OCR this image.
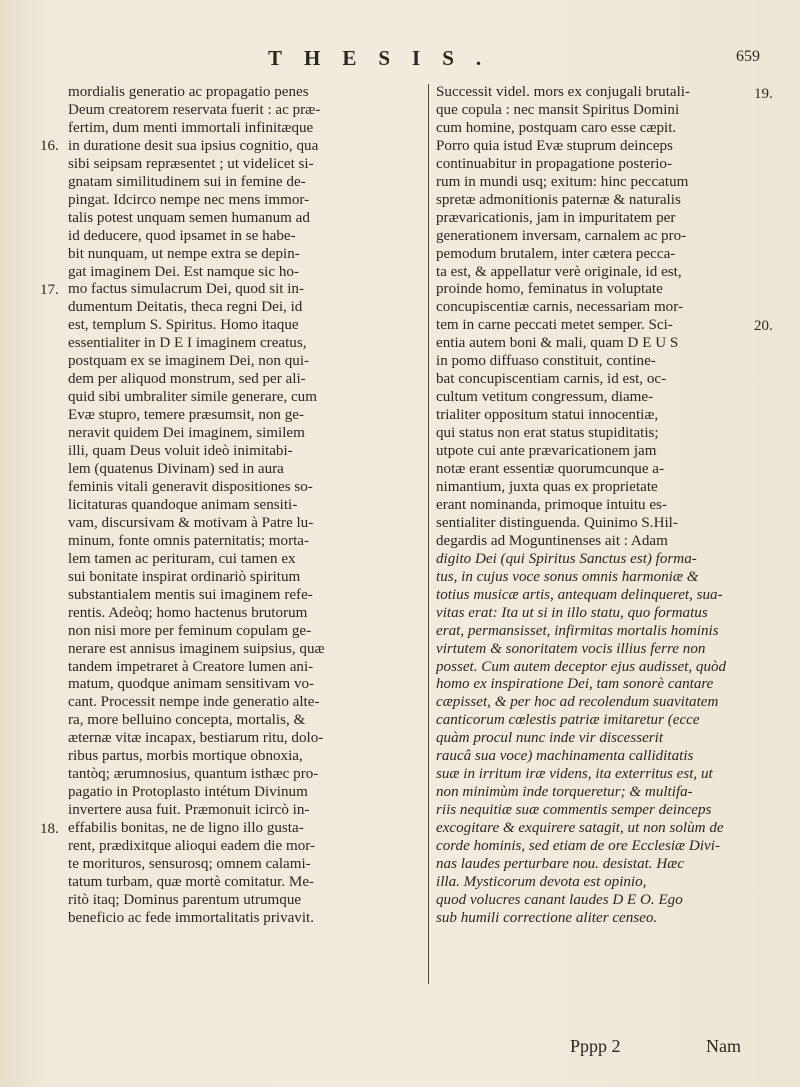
THESIS.	659
16.
17.
18.
19.
20.
mordialis generatio ac propagatio penes
Deum creatorem reservata fuerit : ac præ-
fertim, dum menti immortali infinitæque
in duratione desit sua ipsius cognitio, qua
sibi seipsam repræsentet ; ut videlicet si-
gnatam similitudinem sui in femine de-
pingat. Idcirco nempe nec mens immor-
talis potest unquam semen humanum ad
id deducere, quod ipsamet in se habe-
bit nunquam, ut nempe extra se depin-
gat imaginem Dei. Est namque sic ho-
mo factus simulacrum Dei, quod sit in-
dumentum Deitatis, theca regni Dei, id
est, templum S. Spiritus. Homo itaque
essentialiter in D E I imaginem creatus,
postquam ex se imaginem Dei, non qui-
dem per aliquod monstrum, sed per ali-
quid sibi umbraliter simile generare, cum
Evæ stupro, temere præsumsit, non ge-
neravit quidem Dei imaginem, similem
illi, quam Deus voluit ideò inimitabi-
lem (quatenus Divinam) sed in aura
feminis vitali generavit dispositiones so-
licitaturas quandoque animam sensiti-
vam, discursivam & motivam à Patre lu-
minum, fonte omnis paternitatis; morta-
lem tamen ac perituram, cui tamen ex
sui bonitate inspirat ordinariò spiritum
substantialem mentis sui imaginem refe-
rentis. Adeòq; homo hactenus brutorum
non nisi more per feminum copulam ge-
nerare est annisus imaginem suipsius, quæ
tandem impetraret à Creatore lumen ani-
matum, quodque animam sensitivam vo-
cant. Processit nempe inde generatio alte-
ra, more belluino concepta, mortalis, &
æternæ vitæ incapax, bestiarum ritu, dolo-
ribus partus, morbis mortique obnoxia,
tantòq; ærumnosius, quantum isthæc pro-
pagatio in Protoplasto intétum Divinum
invertere ausa fuit. Præmonuit icircò in-
effabilis bonitas, ne de ligno illo gusta-
rent, prædixitque alioqui eadem die mor-
te morituros, sensurosq; omnem calami-
tatum turbam, quæ mortè comitatur. Me-
ritò itaq; Dominus parentum utrumque
beneficio ac fede immortalitatis privavit.
Successit videl. mors ex conjugali brutali-
que copula : nec mansit Spiritus Domini
cum homine, postquam caro esse cæpit.
Porro quia istud Evæ stuprum deinceps
continuabitur in propagatione posterio-
rum in mundi usq; exitum: hinc peccatum
spretæ admonitionis paternæ & naturalis
prævaricationis, jam in impuritatem per
generationem inversam, carnalem ac pro-
pemodum brutalem, inter cætera pecca-
ta est, & appellatur verè originale, id est,
proinde homo, feminatus in voluptate
concupiscentiæ carnis, necessariam mor-
tem in carne peccati metet semper. Sci-
entia autem boni & mali, quam D E U S
in pomo diffuaso constituit, contine-
bat concupiscentiam carnis, id est, oc-
cultum vetitum congressum, diame-
trialiter oppositum statui innocentiæ,
qui status non erat status stupiditatis;
utpote cui ante prævaricationem jam
notæ erant essentiæ quorumcunque a-
nimantium, juxta quas ex proprietate
erant nominanda, primoque intuitu es-
sentialiter distinguenda. Quinimo S.Hil-
degardis ad Moguntinenses ait : Adam
digito Dei (qui Spiritus Sanctus est) forma-
tus, in cujus voce sonus omnis harmoniæ &
totius musicæ artis, antequam delinqueret, sua-
vitas erat: Ita ut si in illo statu, quo formatus
erat, permansisset, infirmitas mortalis hominis
virtutem & sonoritatem vocis illius ferre non
posset. Cum autem deceptor ejus audisset, quòd
homo ex inspiratione Dei, tam sonorè cantare
cæpisset, & per hoc ad recolendum suavitatem
canticorum cœlestis patriæ imitaretur (ecce
quàm procul nunc inde vir discesserit
raucâ sua voce) machinamenta calliditatis
suæ in irritum iræ videns, ita exterritus est, ut
non minimùm inde torqueretur; & multifa-
riis nequitiæ suæ commentis semper deinceps
excogitare & exquirere satagit, ut non solùm de
corde hominis, sed etiam de ore Ecclesiæ Divi-
nas laudes perturbare nou. desistat. Hæc
illa. Mysticorum devota est opinio,
quod volucres canant laudes D E O. Ego
sub humili correctione aliter censeo.
Pppp 2	Nam
